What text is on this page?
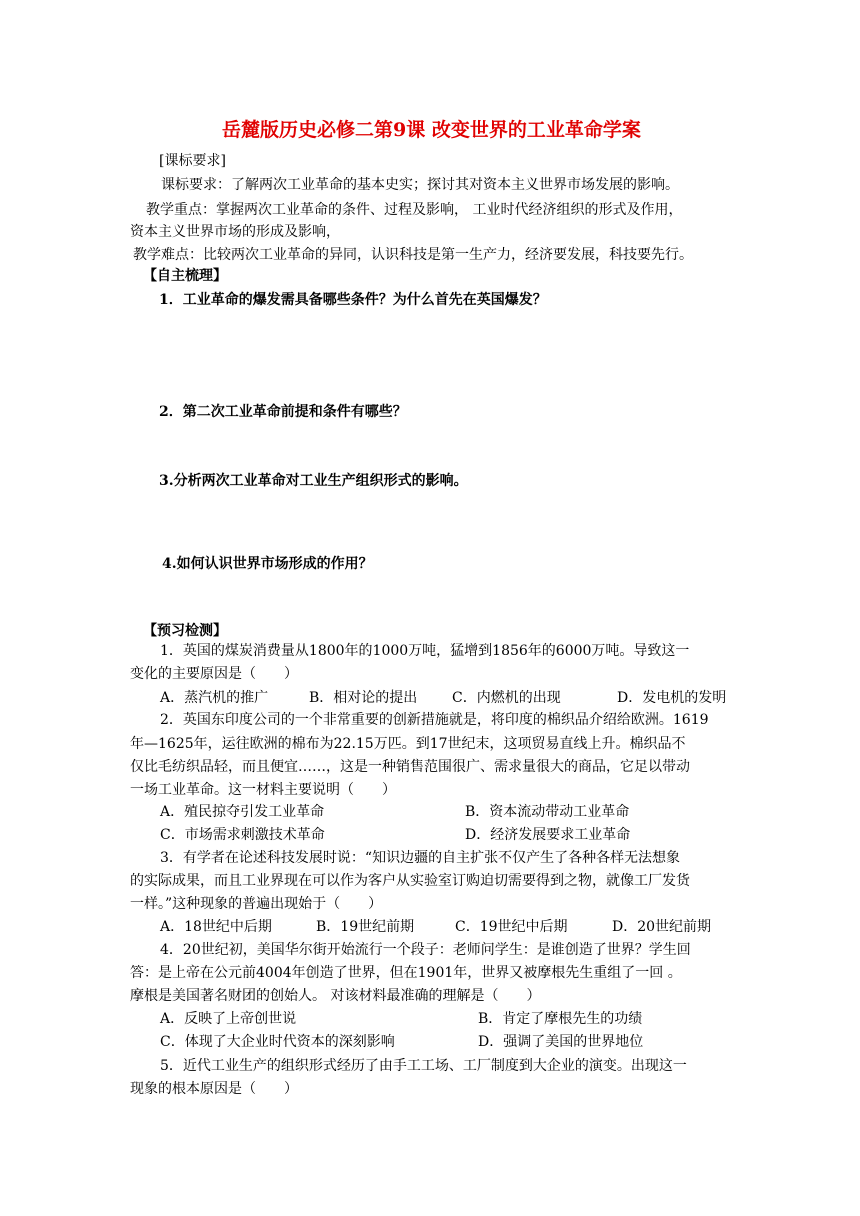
岳麓版历史必修二第9课 改变世界的工业革命学案
[课标要求]
课标要求：了解两次工业革命的基本史实；探讨其对资本主义世界市场发展的影响。
教学重点：掌握两次工业革命的条件、过程及影响， 工业时代经济组织的形式及作用，
资本主义世界市场的形成及影响，
教学难点：比较两次工业革命的异同，认识科技是第一生产力，经济要发展，科技要先行。
【自主梳理】
1．工业革命的爆发需具备哪些条件？为什么首先在英国爆发？
2．第二次工业革命前提和条件有哪些？
3.分析两次工业革命对工业生产组织形式的影响。
4.如何认识世界市场形成的作用？
【预习检测】
1．英国的煤炭消费量从1800年的1000万吨，猛增到1856年的6000万吨。导致这一
变化的主要原因是（　　）
A．蒸汽机的推广	B．相对论的提出 C．内燃机的出现	D．发电机的发明
2．英国东印度公司的一个非常重要的创新措施就是，将印度的棉织品介绍给欧洲。1619
年—1625年，运往欧洲的棉布为22.15万匹。到17世纪末，这项贸易直线上升。棉织品不
仅比毛纺织品轻，而且便宜……，这是一种销售范围很广、需求量很大的商品，它足以带动
一场工业革命。这一材料主要说明（　　）
A．殖民掠夺引发工业革命	B．资本流动带动工业革命
C．市场需求刺激技术革命	D．经济发展要求工业革命
3．有学者在论述科技发展时说：“知识边疆的自主扩张不仅产生了各种各样无法想象
的实际成果，而且工业界现在可以作为客户从实验室订购迫切需要得到之物，就像工厂发货
一样。”这种现象的普遍出现始于（　　）
A．18世纪中后期	B．19世纪前期	C．19世纪中后期	D．20世纪前期
4．20世纪初，美国华尔街开始流行一个段子：老师问学生：是谁创造了世界？学生回
答：是上帝在公元前4004年创造了世界，但在1901年，世界又被摩根先生重组了一回 。
摩根是美国著名财团的创始人。 对该材料最准确的理解是（　　）
A．反映了上帝创世说	B．肯定了摩根先生的功绩
C．体现了大企业时代资本的深刻影响	D．强调了美国的世界地位
5．近代工业生产的组织形式经历了由手工工场、工厂制度到大企业的演变。出现这一
现象的根本原因是（　　）
